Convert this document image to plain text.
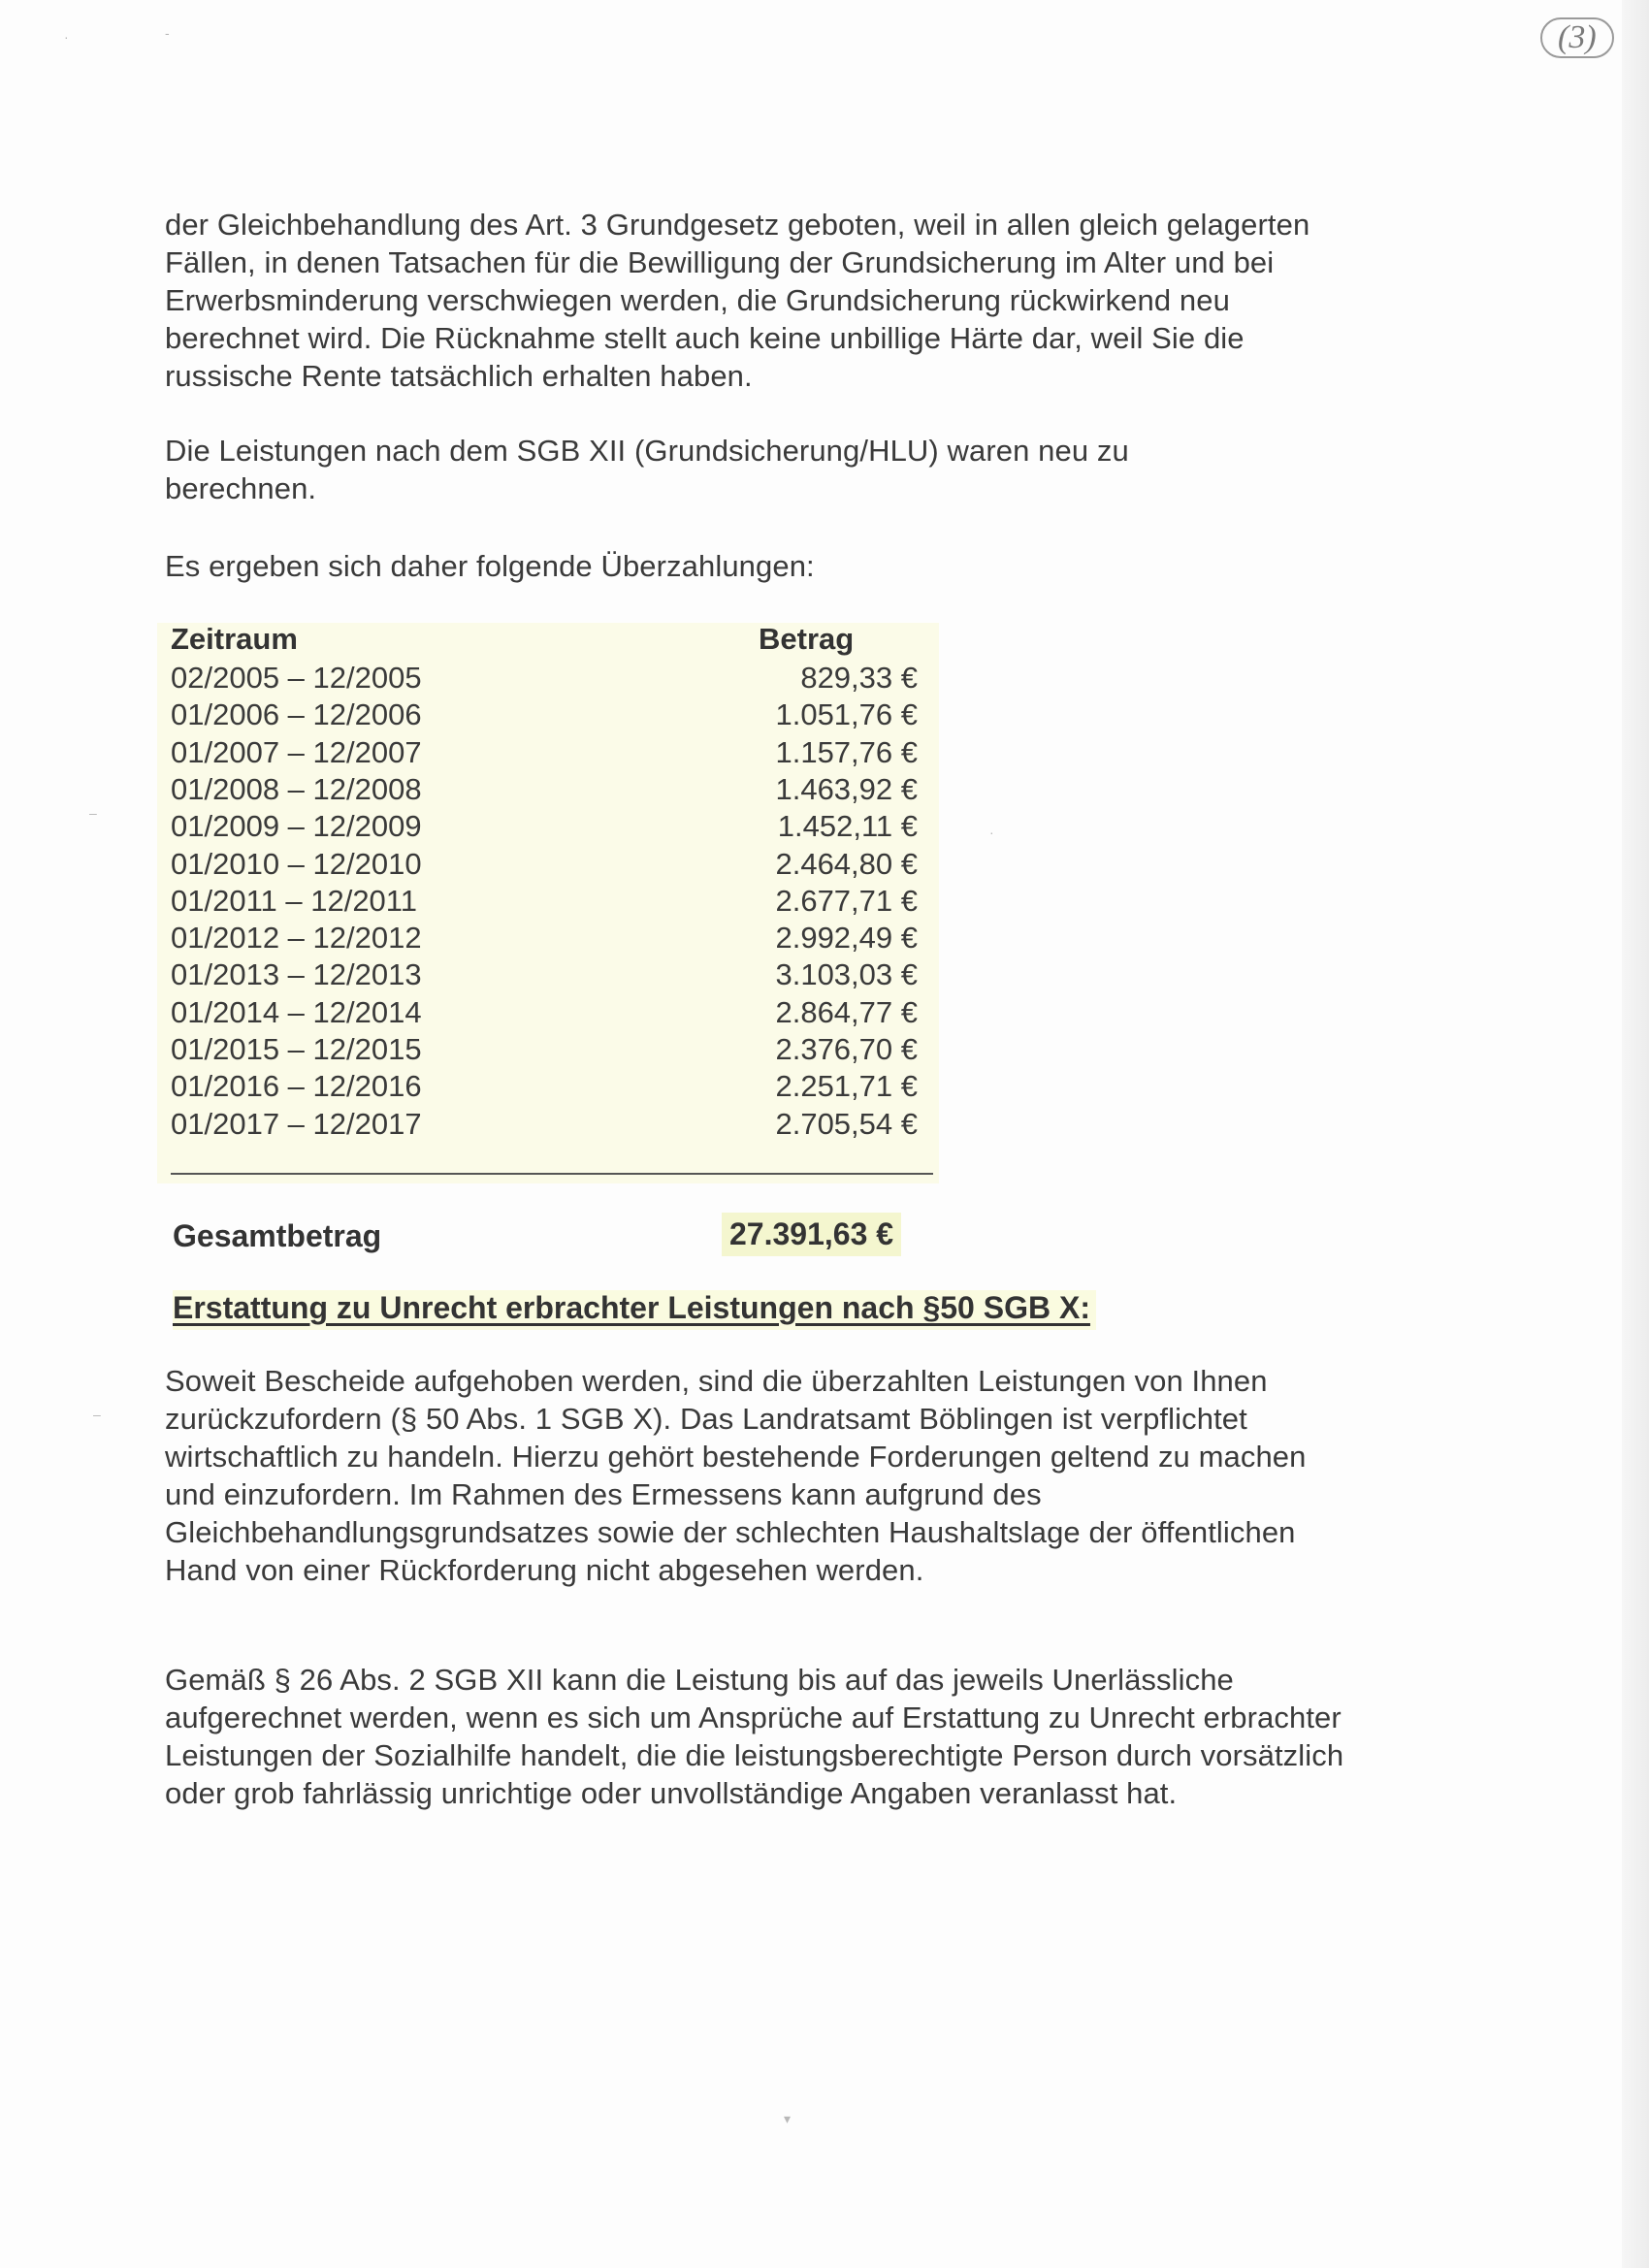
·	-
–
–
·
▾
(3)

der Gleichbehandlung des Art. 3 Grundgesetz geboten, weil in allen gleich gelagerten Fällen, in denen Tatsachen für die Bewilligung der Grundsicherung im Alter und bei Erwerbsminderung verschwiegen werden, die Grundsicherung rückwirkend neu berechnet wird. Die Rücknahme stellt auch keine unbillige Härte dar, weil Sie die russische Rente tatsächlich erhalten haben.

Die Leistungen nach dem SGB XII (Grundsicherung/HLU) waren neu zu berechnen.

Es ergeben sich daher folgende Überzahlungen:

Zeitraum	Betrag
02/2005 – 12/2005	829,33 €
01/2006 – 12/2006	1.051,76 €
01/2007 – 12/2007	1.157,76 €
01/2008 – 12/2008	1.463,92 €
01/2009 – 12/2009	1.452,11 €
01/2010 – 12/2010	2.464,80 €
01/2011 – 12/2011	2.677,71 €
01/2012 – 12/2012	2.992,49 €
01/2013 – 12/2013	3.103,03 €
01/2014 – 12/2014	2.864,77 €
01/2015 – 12/2015	2.376,70 €
01/2016 – 12/2016	2.251,71 €
01/2017 – 12/2017	2.705,54 €
Gesamtbetrag	27.391,63 €
Erstattung zu Unrecht erbrachter Leistungen nach §50 SGB X:

Soweit Bescheide aufgehoben werden, sind die überzahlten Leistungen von Ihnen zurückzufordern (§ 50 Abs. 1 SGB X). Das Landratsamt Böblingen ist verpflichtet wirtschaftlich zu handeln. Hierzu gehört bestehende Forderungen geltend zu machen und einzufordern. Im Rahmen des Ermessens kann aufgrund des Gleichbehandlungsgrundsatzes sowie der schlechten Haushaltslage der öffentlichen Hand von einer Rückforderung nicht abgesehen werden.

Gemäß § 26 Abs. 2 SGB XII kann die Leistung bis auf das jeweils Unerlässliche aufgerechnet werden, wenn es sich um Ansprüche auf Erstattung zu Unrecht erbrachter Leistungen der Sozialhilfe handelt, die die leistungsberechtigte Person durch vorsätzlich oder grob fahrlässig unrichtige oder unvollständige Angaben veranlasst hat.
